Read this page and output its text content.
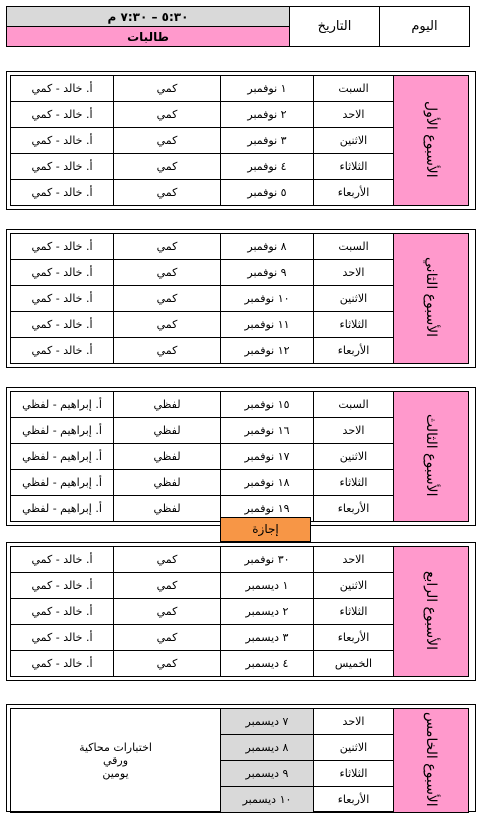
اليوم	التاريخ	٥:٣٠ – ٧:٣٠ م
طالبات
الأسبوع الأول	السبت	١ نوفمبر	كمي	أ. خالد - كمي
	الاحد	٢ نوفمبر	كمي	أ. خالد - كمي
	الاثنين	٣ نوفمبر	كمي	أ. خالد - كمي
	الثلاثاء	٤ نوفمبر	كمي	أ. خالد - كمي
	الأربعاء	٥ نوفمبر	كمي	أ. خالد - كمي
الأسبوع الثاني	السبت	٨ نوفمبر	كمي	أ. خالد - كمي
	الاحد	٩ نوفمبر	كمي	أ. خالد - كمي
	الاثنين	١٠ نوفمبر	كمي	أ. خالد - كمي
	الثلاثاء	١١ نوفمبر	كمي	أ. خالد - كمي
	الأربعاء	١٢ نوفمبر	كمي	أ. خالد - كمي
الأسبوع الثالث	السبت	١٥ نوفمبر	لفظي	أ. إبراهيم - لفظي
	الاحد	١٦ نوفمبر	لفظي	أ. إبراهيم - لفظي
	الاثنين	١٧ نوفمبر	لفظي	أ. إبراهيم - لفظي
	الثلاثاء	١٨ نوفمبر	لفظي	أ. إبراهيم - لفظي
	الأربعاء	١٩ نوفمبر	لفظي	أ. إبراهيم - لفظي
الأسبوع الرابع	الاحد	٣٠ نوفمبر	كمي	أ. خالد - كمي
	الاثنين	١ ديسمبر	كمي	أ. خالد - كمي
	الثلاثاء	٢ ديسمبر	كمي	أ. خالد - كمي
	الأربعاء	٣ ديسمبر	كمي	أ. خالد - كمي
	الخميس	٤ ديسمبر	كمي	أ. خالد - كمي
إجازة
الأسبوع الخامس	الاحد	٧ ديسمبر	اختبارات محاكية
ورقي
يومين

	الاثنين	٨ ديسمبر	
	الثلاثاء	٩ ديسمبر	
	الأربعاء	١٠ ديسمبر	
